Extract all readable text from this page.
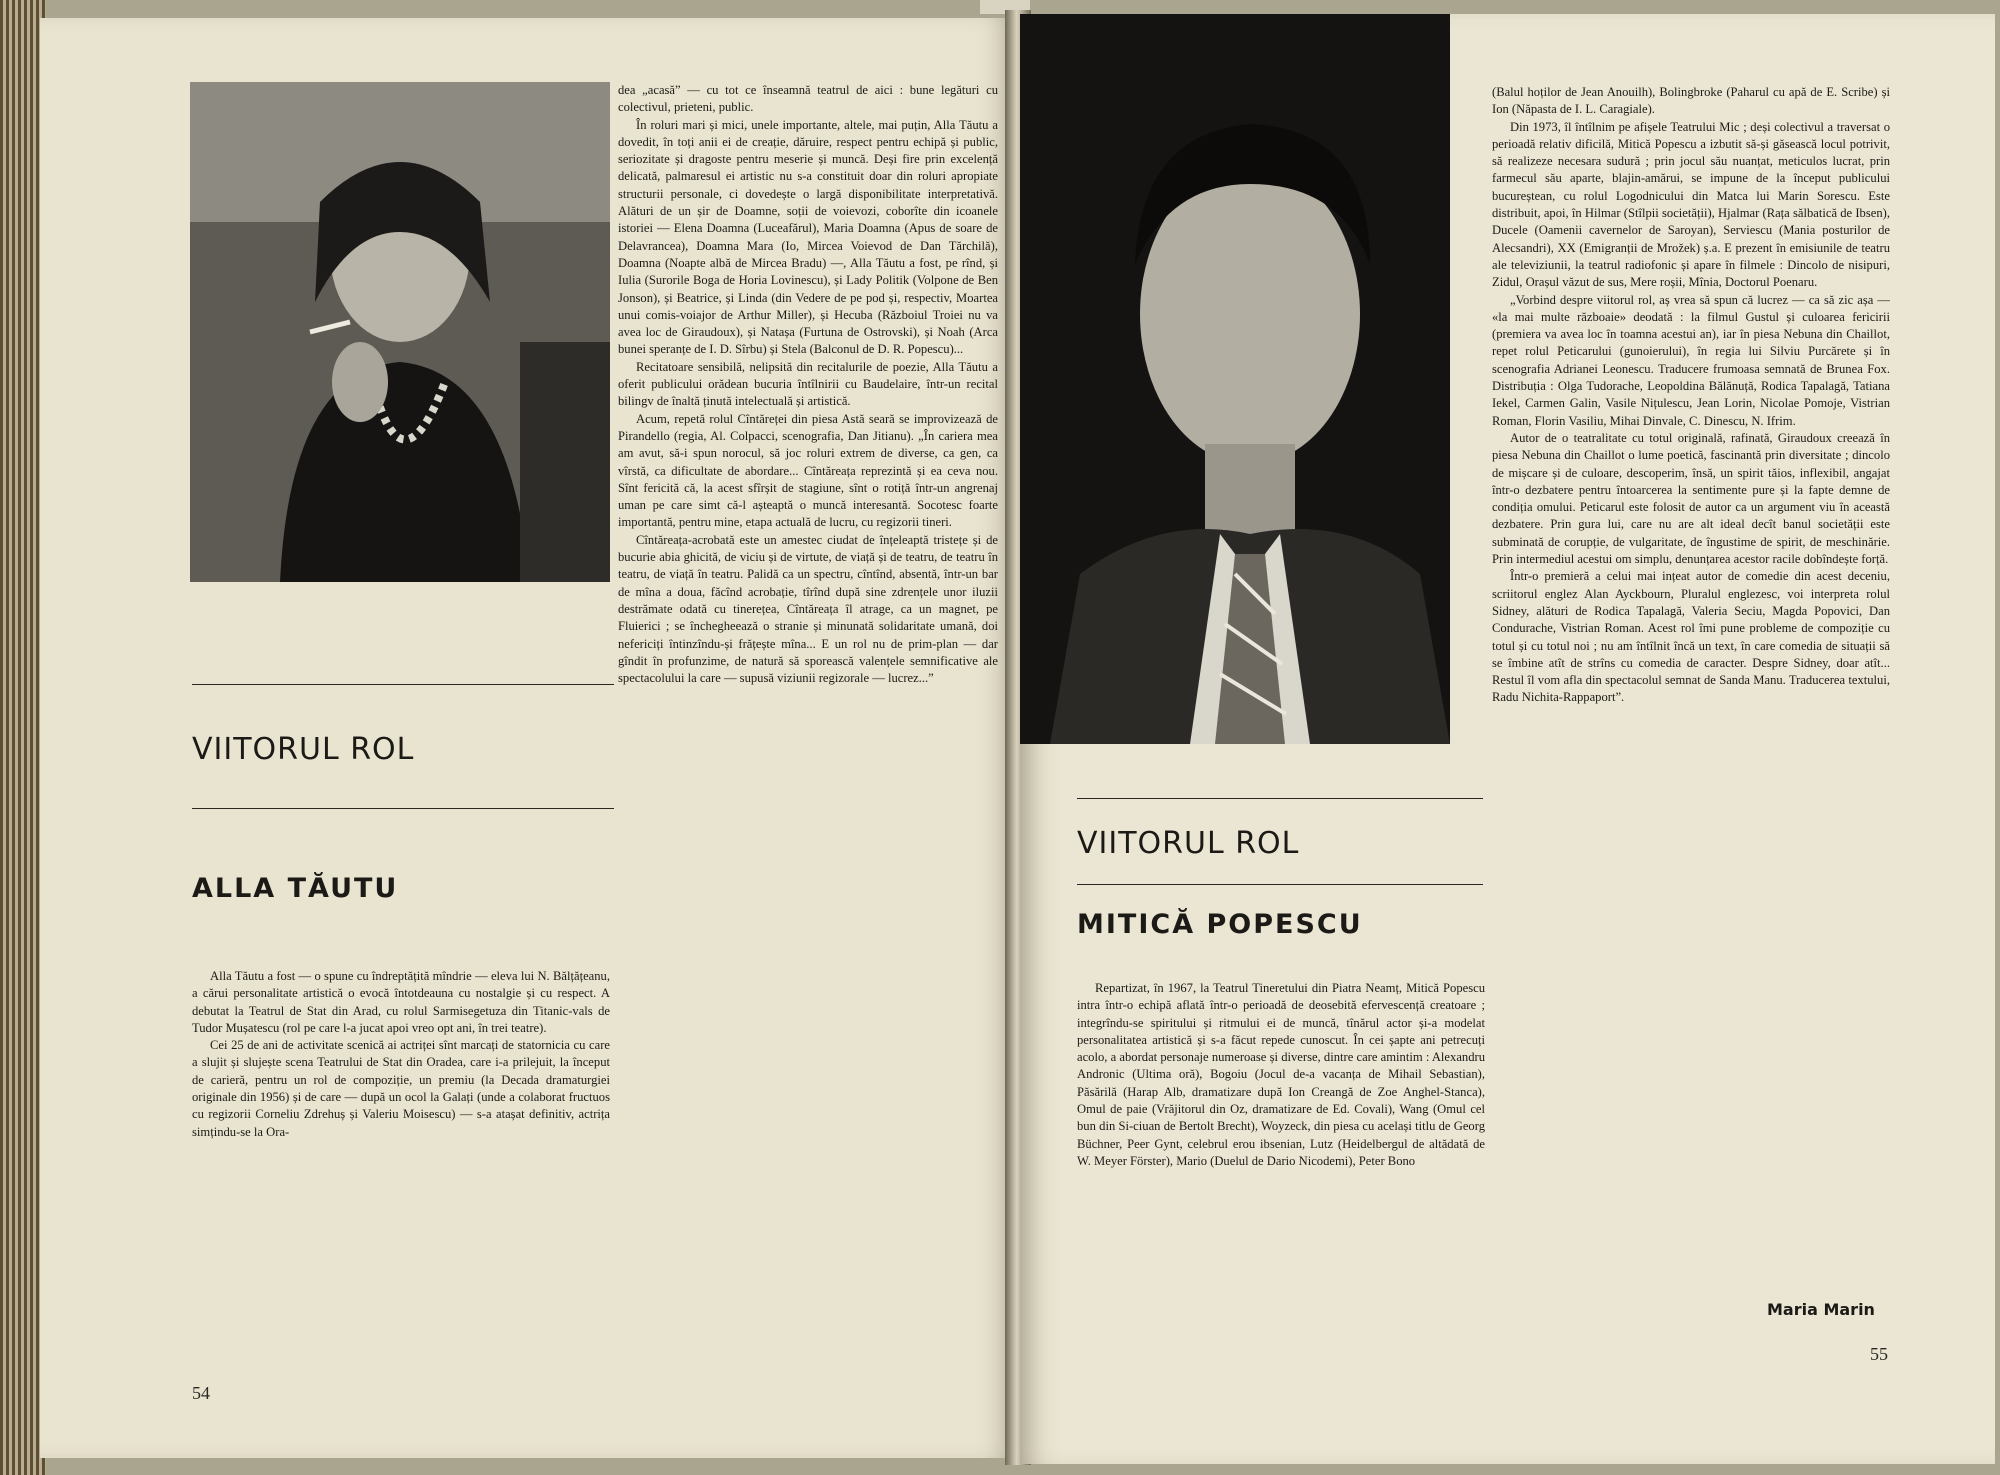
VIITORUL ROL
ALLA TĂUTU

Alla Tăutu a fost — o spune cu îndreptățită mîndrie — eleva lui N. Bălțățeanu, a cărui personalitate artistică o evocă întotdeauna cu nostalgie și cu respect. A debutat la Teatrul de Stat din Arad, cu rolul Sarmisegetuza din Titanic-vals de Tudor Mușatescu (rol pe care l-a jucat apoi vreo opt ani, în trei teatre).

Cei 25 de ani de activitate scenică ai actriței sînt marcați de statornicia cu care a slujit și slujește scena Teatrului de Stat din Oradea, care i-a prilejuit, la început de carieră, pentru un rol de compoziție, un premiu (la Decada dramaturgiei originale din 1956) și de care — după un ocol la Galați (unde a colaborat fructuos cu regizorii Corneliu Zdrehuș și Valeriu Moisescu) — s-a atașat definitiv, actrița simțindu-se la Ora-

dea „acasă” — cu tot ce înseamnă teatrul de aici : bune legături cu colectivul, prieteni, public.

În roluri mari și mici, unele importante, altele, mai puțin, Alla Tăutu a dovedit, în toți anii ei de creație, dăruire, respect pentru echipă și public, seriozitate și dragoste pentru meserie și muncă. Deși fire prin excelență delicată, palmaresul ei artistic nu s-a constituit doar din roluri apropiate structurii personale, ci dovedește o largă disponibilitate interpretativă. Alături de un șir de Doamne, soții de voievozi, coborîte din icoanele istoriei — Elena Doamna (Luceafărul), Maria Doamna (Apus de soare de Delavrancea), Doamna Mara (Io, Mircea Voievod de Dan Tărchilă), Doamna (Noapte albă de Mircea Bradu) —, Alla Tăutu a fost, pe rînd, și Iulia (Surorile Boga de Horia Lovinescu), și Lady Politik (Volpone de Ben Jonson), și Beatrice, și Linda (din Vedere de pe pod și, respectiv, Moartea unui comis-voiajor de Arthur Miller), și Hecuba (Războiul Troiei nu va avea loc de Giraudoux), și Natașa (Furtuna de Ostrovski), și Noah (Arca bunei speranțe de I. D. Sîrbu) și Stela (Balconul de D. R. Popescu)...

Recitatoare sensibilă, nelipsită din recitalurile de poezie, Alla Tăutu a oferit publicului orădean bucuria întîlnirii cu Baudelaire, într-un recital bilingv de înaltă ținută intelectuală și artistică.

Acum, repetă rolul Cîntăreței din piesa Astă seară se improvizează de Pirandello (regia, Al. Colpacci, scenografia, Dan Jitianu). „În cariera mea am avut, să-i spun norocul, să joc roluri extrem de diverse, ca gen, ca vîrstă, ca dificultate de abordare... Cîntăreața reprezintă și ea ceva nou. Sînt fericită că, la acest sfîrșit de stagiune, sînt o rotiță într-un angrenaj uman pe care simt că-l așteaptă o muncă interesantă. Socotesc foarte importantă, pentru mine, etapa actuală de lucru, cu regizorii tineri.

Cîntăreața-acrobată este un amestec ciudat de înțeleaptă tristețe și de bucurie abia ghicită, de viciu și de virtute, de viață și de teatru, de teatru în teatru, de viață în teatru. Palidă ca un spectru, cîntînd, absentă, într-un bar de mîna a doua, făcînd acrobație, tîrînd după sine zdrențele unor iluzii destrămate odată cu tinerețea, Cîntăreața îl atrage, ca un magnet, pe Fluierici ; se închegheează o stranie și minunată solidaritate umană, doi nefericiți întinzîndu-și frățește mîna... E un rol nu de prim-plan — dar gîndit în profunzime, de natură să sporească valențele semnificative ale spectacolului la care — supusă viziunii regizorale — lucrez...”

54

VIITORUL ROL
MITICĂ POPESCU

Repartizat, în 1967, la Teatrul Tineretului din Piatra Neamț, Mitică Popescu intra într-o echipă aflată într-o perioadă de deosebită efervescență creatoare ; integrîndu-se spiritului și ritmului ei de muncă, tînărul actor și-a modelat personalitatea artistică și s-a făcut repede cunoscut. În cei șapte ani petrecuți acolo, a abordat personaje numeroase și diverse, dintre care amintim : Alexandru Andronic (Ultima oră), Bogoiu (Jocul de-a vacanța de Mihail Sebastian), Păsărilă (Harap Alb, dramatizare după Ion Creangă de Zoe Anghel-Stanca), Omul de paie (Vrăjitorul din Oz, dramatizare de Ed. Covali), Wang (Omul cel bun din Si-ciuan de Bertolt Brecht), Woyzeck, din piesa cu același titlu de Georg Büchner, Peer Gynt, celebrul erou ibsenian, Lutz (Heidelbergul de altădată de W. Meyer Förster), Mario (Duelul de Dario Nicodemi), Peter Bono

(Balul hoților de Jean Anouilh), Bolingbroke (Paharul cu apă de E. Scribe) și Ion (Năpasta de I. L. Caragiale).

Din 1973, îl întîlnim pe afișele Teatrului Mic ; deși colectivul a traversat o perioadă relativ dificilă, Mitică Popescu a izbutit să-și găsească locul potrivit, să realizeze necesara sudură ; prin jocul său nuanțat, meticulos lucrat, prin farmecul său aparte, blajin-amărui, se impune de la început publicului bucureștean, cu rolul Logodnicului din Matca lui Marin Sorescu. Este distribuit, apoi, în Hilmar (Stîlpii societății), Hjalmar (Rața sălbatică de Ibsen), Ducele (Oamenii cavernelor de Saroyan), Serviescu (Mania posturilor de Alecsandri), XX (Emigranții de Mrožek) ș.a. E prezent în emisiunile de teatru ale televiziunii, la teatrul radiofonic și apare în filmele : Dincolo de nisipuri, Zidul, Orașul văzut de sus, Mere roșii, Mînia, Doctorul Poenaru.

„Vorbind despre viitorul rol, aș vrea să spun că lucrez — ca să zic așa — «la mai multe războaie» deodată : la filmul Gustul și culoarea fericirii (premiera va avea loc în toamna acestui an), iar în piesa Nebuna din Chaillot, repet rolul Peticarului (gunoierului), în regia lui Silviu Purcărete și în scenografia Adrianei Leonescu. Traducere frumoasa semnată de Brunea Fox. Distribuția : Olga Tudorache, Leopoldina Bălănuță, Rodica Tapalagă, Tatiana Iekel, Carmen Galin, Vasile Nițulescu, Jean Lorin, Nicolae Pomoje, Vistrian Roman, Florin Vasiliu, Mihai Dinvale, C. Dinescu, N. Ifrim.

Autor de o teatralitate cu totul originală, rafinată, Giraudoux creează în piesa Nebuna din Chaillot o lume poetică, fascinantă prin diversitate ; dincolo de mișcare și de culoare, descoperim, însă, un spirit tăios, inflexibil, angajat într-o dezbatere pentru întoarcerea la sentimente pure și la fapte demne de condiția omului. Peticarul este folosit de autor ca un argument viu în această dezbatere. Prin gura lui, care nu are alt ideal decît banul societății este subminată de corupție, de vulgaritate, de îngustime de spirit, de meschinărie. Prin intermediul acestui om simplu, denunțarea acestor racile dobîndește forță.

Într-o premieră a celui mai ințeat autor de comedie din acest deceniu, scriitorul englez Alan Ayckbourn, Pluralul englezesc, voi interpreta rolul Sidney, alături de Rodica Tapalagă, Valeria Seciu, Magda Popovici, Dan Condurache, Vistrian Roman. Acest rol îmi pune probleme de compoziție cu totul și cu totul noi ; nu am întîlnit încă un text, în care comedia de situații să se îmbine atît de strîns cu comedia de caracter. Despre Sidney, doar atît... Restul îl vom afla din spectacolul semnat de Sanda Manu. Traducerea textului, Radu Nichita-Rappaport”.

Maria Marin

55
